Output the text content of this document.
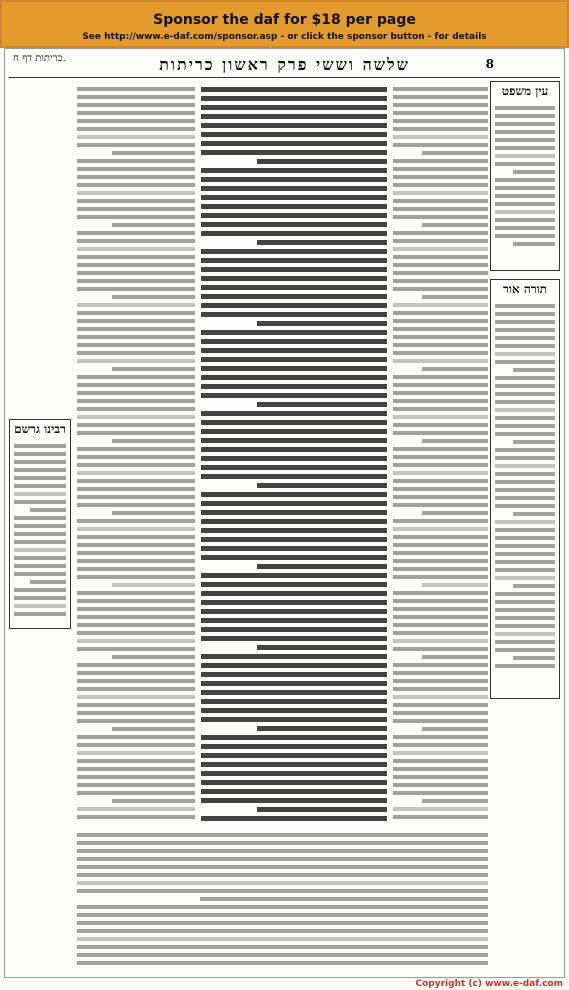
Sponsor the daf for $18 per page
See http://www.e-daf.com/sponsor.asp - or click the sponsor button - for details
כריתות דף ח.	שלשה וששי פרק ראשון כריתות	8
רבינו גרשם
עין משפט
תורה אור
Copyright (c) www.e-daf.com
